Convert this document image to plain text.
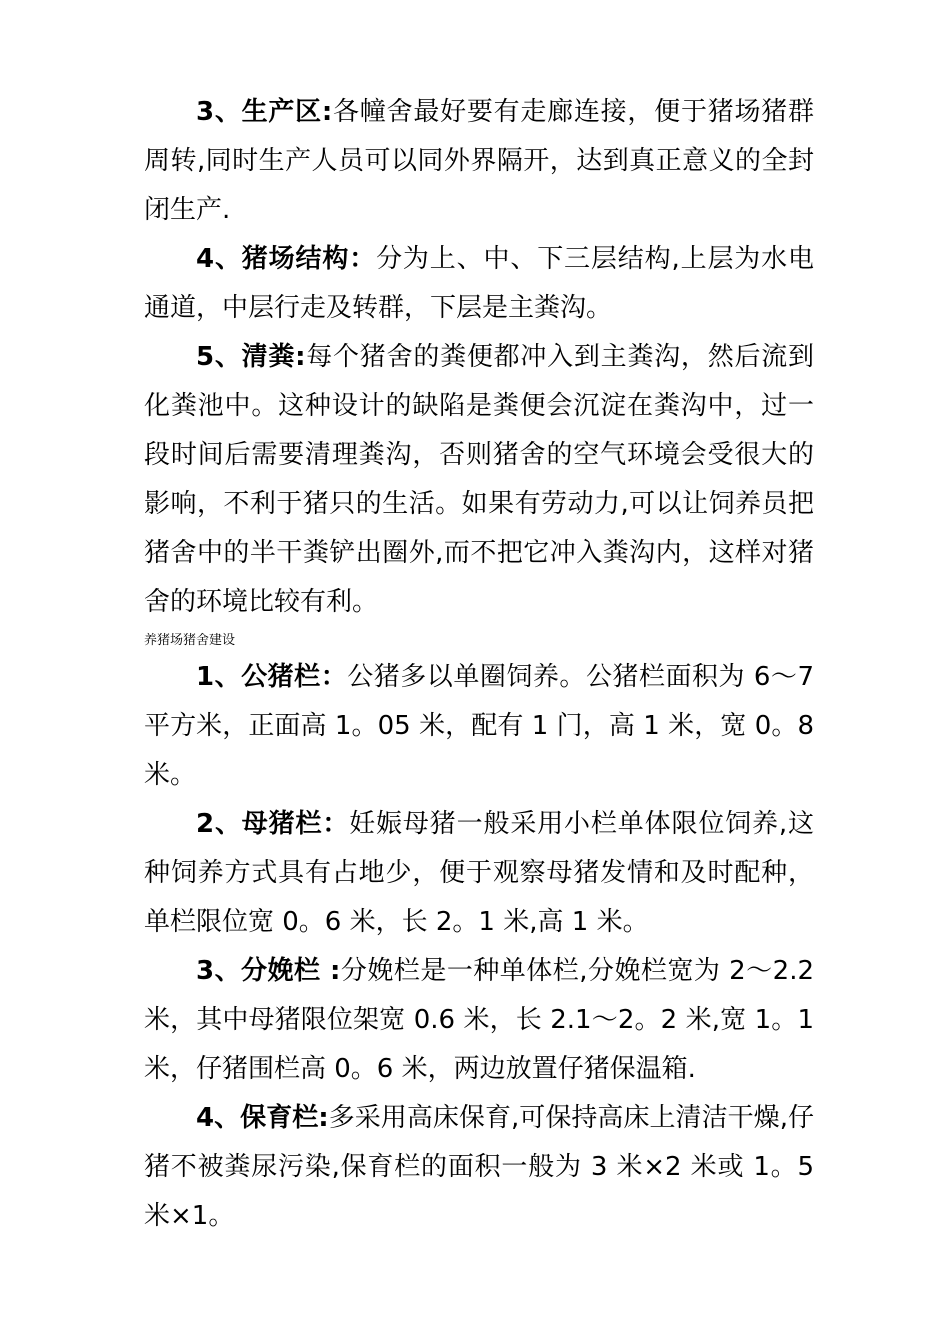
3、生产区:各幢舍最好要有走廊连接，便于猪场猪群周转,同时生产人员可以同外界隔开，达到真正意义的全封闭生产.

4、猪场结构：分为上、中、下三层结构,上层为水电通道，中层行走及转群，下层是主粪沟。

5、清粪:每个猪舍的粪便都冲入到主粪沟，然后流到化粪池中。这种设计的缺陷是粪便会沉淀在粪沟中，过一段时间后需要清理粪沟，否则猪舍的空气环境会受很大的影响，不利于猪只的生活。如果有劳动力,可以让饲养员把猪舍中的半干粪铲出圈外,而不把它冲入粪沟内，这样对猪舍的环境比较有利。

养猪场猪舍建设

1、公猪栏：公猪多以单圈饲养。公猪栏面积为 6～7 平方米，正面高 1。05 米，配有 1 门，高 1 米，宽 0。8 米。

2、母猪栏：妊娠母猪一般采用小栏单体限位饲养,这种饲养方式具有占地少，便于观察母猪发情和及时配种，单栏限位宽 0。6 米，长 2。1 米,高 1 米。

3、分娩栏 :分娩栏是一种单体栏,分娩栏宽为 2～2.2 米，其中母猪限位架宽 0.6 米，长 2.1～2。2 米,宽 1。1 米，仔猪围栏高 0。6 米，两边放置仔猪保温箱.

4、保育栏:多采用高床保育,可保持高床上清洁干燥,仔猪不被粪尿污染,保育栏的面积一般为 3 米×2 米或 1。5 米×1。
